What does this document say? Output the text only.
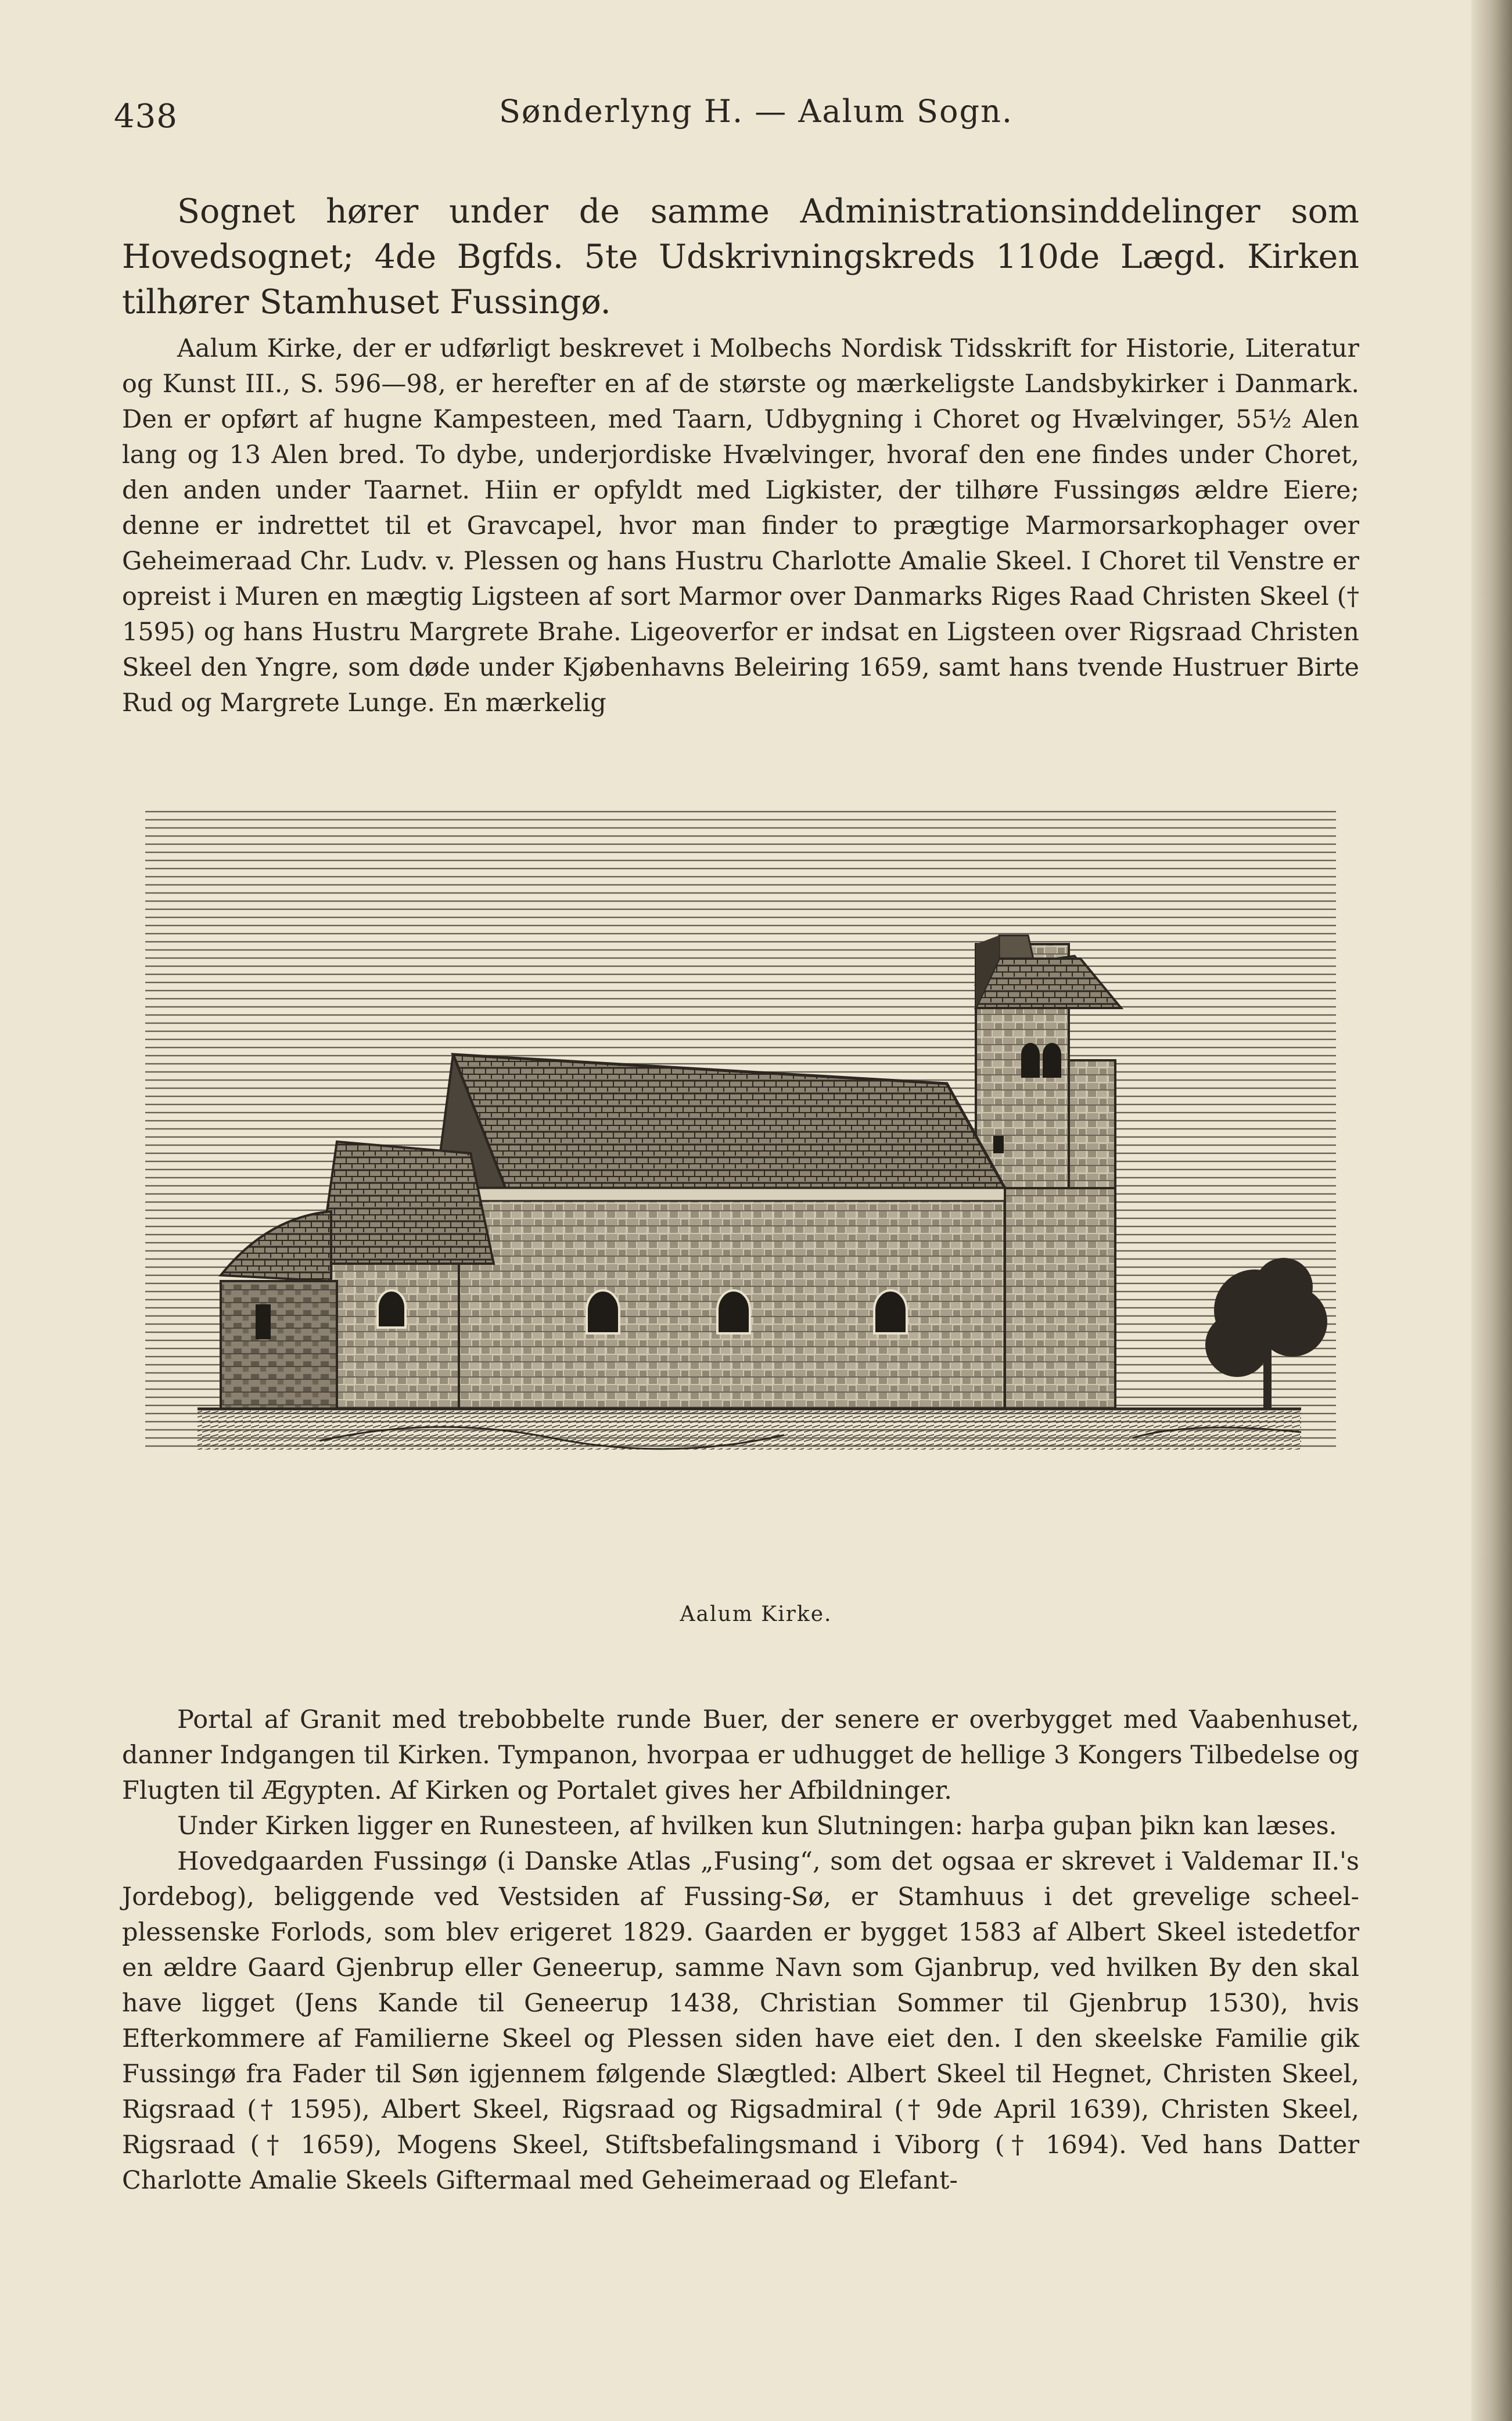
438	Sønderlyng H. — Aalum Sogn.

Sognet hører under de samme Administrationsinddelinger som Hovedsognet; 4de Bgfds. 5te Udskrivningskreds 110de Lægd. Kirken tilhører Stamhuset Fussingø.

Aalum Kirke, der er udførligt beskrevet i Molbechs Nordisk Tidsskrift for Historie, Literatur og Kunst III., S. 596—98, er herefter en af de største og mærkeligste Landsbykirker i Danmark. Den er opført af hugne Kampesteen, med Taarn, Udbygning i Choret og Hvælvinger, 55½ Alen lang og 13 Alen bred. To dybe, underjordiske Hvælvinger, hvoraf den ene findes under Choret, den anden under Taarnet. Hiin er opfyldt med Ligkister, der tilhøre Fussingøs ældre Eiere; denne er indrettet til et Gravcapel, hvor man finder to prægtige Marmorsarkophager over Geheimeraad Chr. Ludv. v. Plessen og hans Hustru Charlotte Amalie Skeel. I Choret til Venstre er opreist i Muren en mægtig Ligsteen af sort Marmor over Danmarks Riges Raad Christen Skeel († 1595) og hans Hustru Margrete Brahe. Ligeoverfor er indsat en Ligsteen over Rigsraad Christen Skeel den Yngre, som døde under Kjøbenhavns Beleiring 1659, samt hans tvende Hustruer Birte Rud og Margrete Lunge. En mærkelig

Aalum Kirke.

Portal af Granit med trebobbelte runde Buer, der senere er overbygget med Vaabenhuset, danner Indgangen til Kirken. Tympanon, hvorpaa er udhugget de hellige 3 Kongers Tilbedelse og Flugten til Ægypten. Af Kirken og Portalet gives her Afbildninger.

Under Kirken ligger en Runesteen, af hvilken kun Slutningen: harþa guþan þikn kan læses.

Hovedgaarden Fussingø (i Danske Atlas „Fusing“, som det ogsaa er skrevet i Valdemar II.'s Jordebog), beliggende ved Vestsiden af Fussing-Sø, er Stamhuus i det grevelige scheel-plessenske Forlods, som blev erigeret 1829. Gaarden er bygget 1583 af Albert Skeel istedetfor en ældre Gaard Gjenbrup eller Geneerup, samme Navn som Gjanbrup, ved hvilken By den skal have ligget (Jens Kande til Geneerup 1438, Christian Sommer til Gjenbrup 1530), hvis Efterkommere af Familierne Skeel og Plessen siden have eiet den. I den skeelske Familie gik Fussingø fra Fader til Søn igjennem følgende Slægtled: Albert Skeel til Hegnet, Christen Skeel, Rigsraad († 1595), Albert Skeel, Rigsraad og Rigsadmiral († 9de April 1639), Christen Skeel, Rigsraad († 1659), Mogens Skeel, Stiftsbefalingsmand i Viborg († 1694). Ved hans Datter Charlotte Amalie Skeels Giftermaal med Geheimeraad og Elefant-
